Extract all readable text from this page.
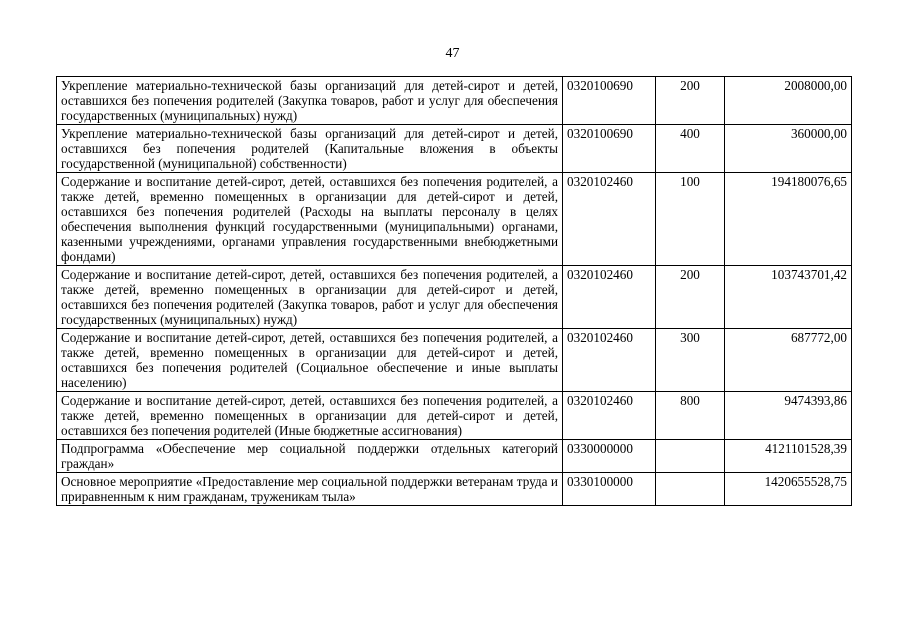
47
Укрепление материально-технической базы организаций для детей-сирот и детей, оставшихся без попечения родителей (Закупка товаров, работ и услуг для обеспечения государственных (муниципальных) нужд)	0320100690	200	2008000,00
Укрепление материально-технической базы организаций для детей-сирот и детей, оставшихся без попечения родителей (Капитальные вложения в объекты государственной (муниципальной) собственности)	0320100690	400	360000,00
Содержание и воспитание детей-сирот, детей, оставшихся без попечения родителей, а также детей, временно помещенных в организации для детей-сирот и детей, оставшихся без попечения родителей (Расходы на выплаты персоналу в целях обеспечения выполнения функций государственными (муниципальными) органами, казенными учреждениями, органами управления государственными внебюджетными фондами)	0320102460	100	194180076,65
Содержание и воспитание детей-сирот, детей, оставшихся без попечения родителей, а также детей, временно помещенных в организации для детей-сирот и детей, оставшихся без попечения родителей (Закупка товаров, работ и услуг для обеспечения государственных (муниципальных) нужд)	0320102460	200	103743701,42
Содержание и воспитание детей-сирот, детей, оставшихся без попечения родителей, а также детей, временно помещенных в организации для детей-сирот и детей, оставшихся без попечения родителей (Социальное обеспечение и иные выплаты населению)	0320102460	300	687772,00
Содержание и воспитание детей-сирот, детей, оставшихся без попечения родителей, а также детей, временно помещенных в организации для детей-сирот и детей, оставшихся без попечения родителей (Иные бюджетные ассигнования)	0320102460	800	9474393,86
Подпрограмма «Обеспечение мер социальной поддержки отдельных категорий граждан»	0330000000		4121101528,39
Основное мероприятие «Предоставление мер социальной поддержки ветеранам труда и приравненным к ним гражданам, труженикам тыла»	0330100000		1420655528,75
